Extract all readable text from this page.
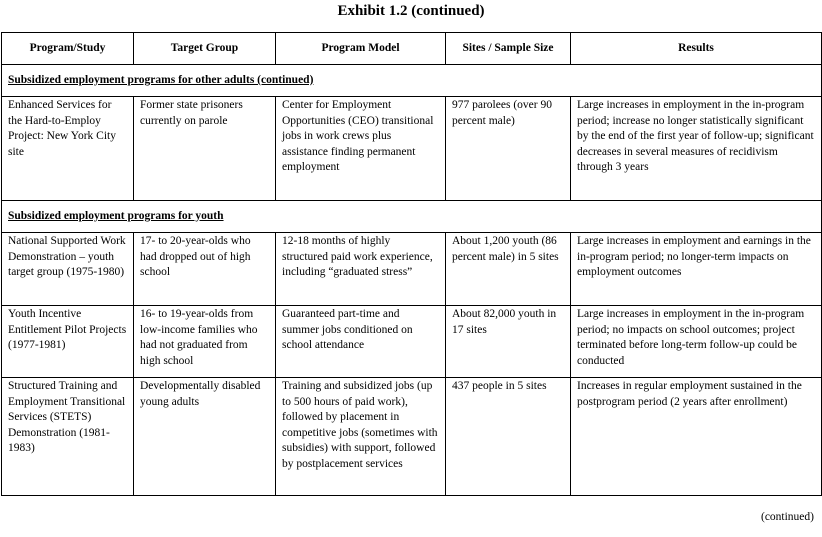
Exhibit 1.2 (continued)
Program/Study	Target Group	Program Model	Sites / Sample Size	Results
Subsidized employment programs for other adults (continued)				
Enhanced Services for the Hard-to-Employ Project: New York City site	Former state prisoners currently on parole	Center for Employment Opportunities (CEO) transitional jobs in work crews plus assistance finding permanent employment	977 parolees (over 90 percent male)	Large increases in employment in the in-program period; increase no longer statistically significant by the end of the first year of follow-up; significant decreases in several measures of recidivism through 3 years
Subsidized employment programs for youth				
National Supported Work Demonstration – youth target group (1975-1980)	17- to 20-year-olds who had dropped out of high school	12-18 months of highly structured paid work experience, including “graduated stress”	About 1,200 youth (86 percent male) in 5 sites	Large increases in employment and earnings in the in-program period; no longer-term impacts on employment outcomes
Youth Incentive Entitlement Pilot Projects (1977-1981)	16- to 19-year-olds from low-income families who had not graduated from high school	Guaranteed part-time and summer jobs conditioned on school attendance	About 82,000 youth in 17 sites	Large increases in employment in the in-program period; no impacts on school outcomes; project terminated before long-term follow-up could be conducted
Structured Training and Employment Transitional Services (STETS) Demonstration (1981-1983)	Developmentally disabled young adults	Training and subsidized jobs (up to 500 hours of paid work), followed by placement in competitive jobs (sometimes with subsidies) with support, followed by postplacement services	437 people in 5 sites	Increases in regular employment sustained in the postprogram period (2 years after enrollment)
(continued)
